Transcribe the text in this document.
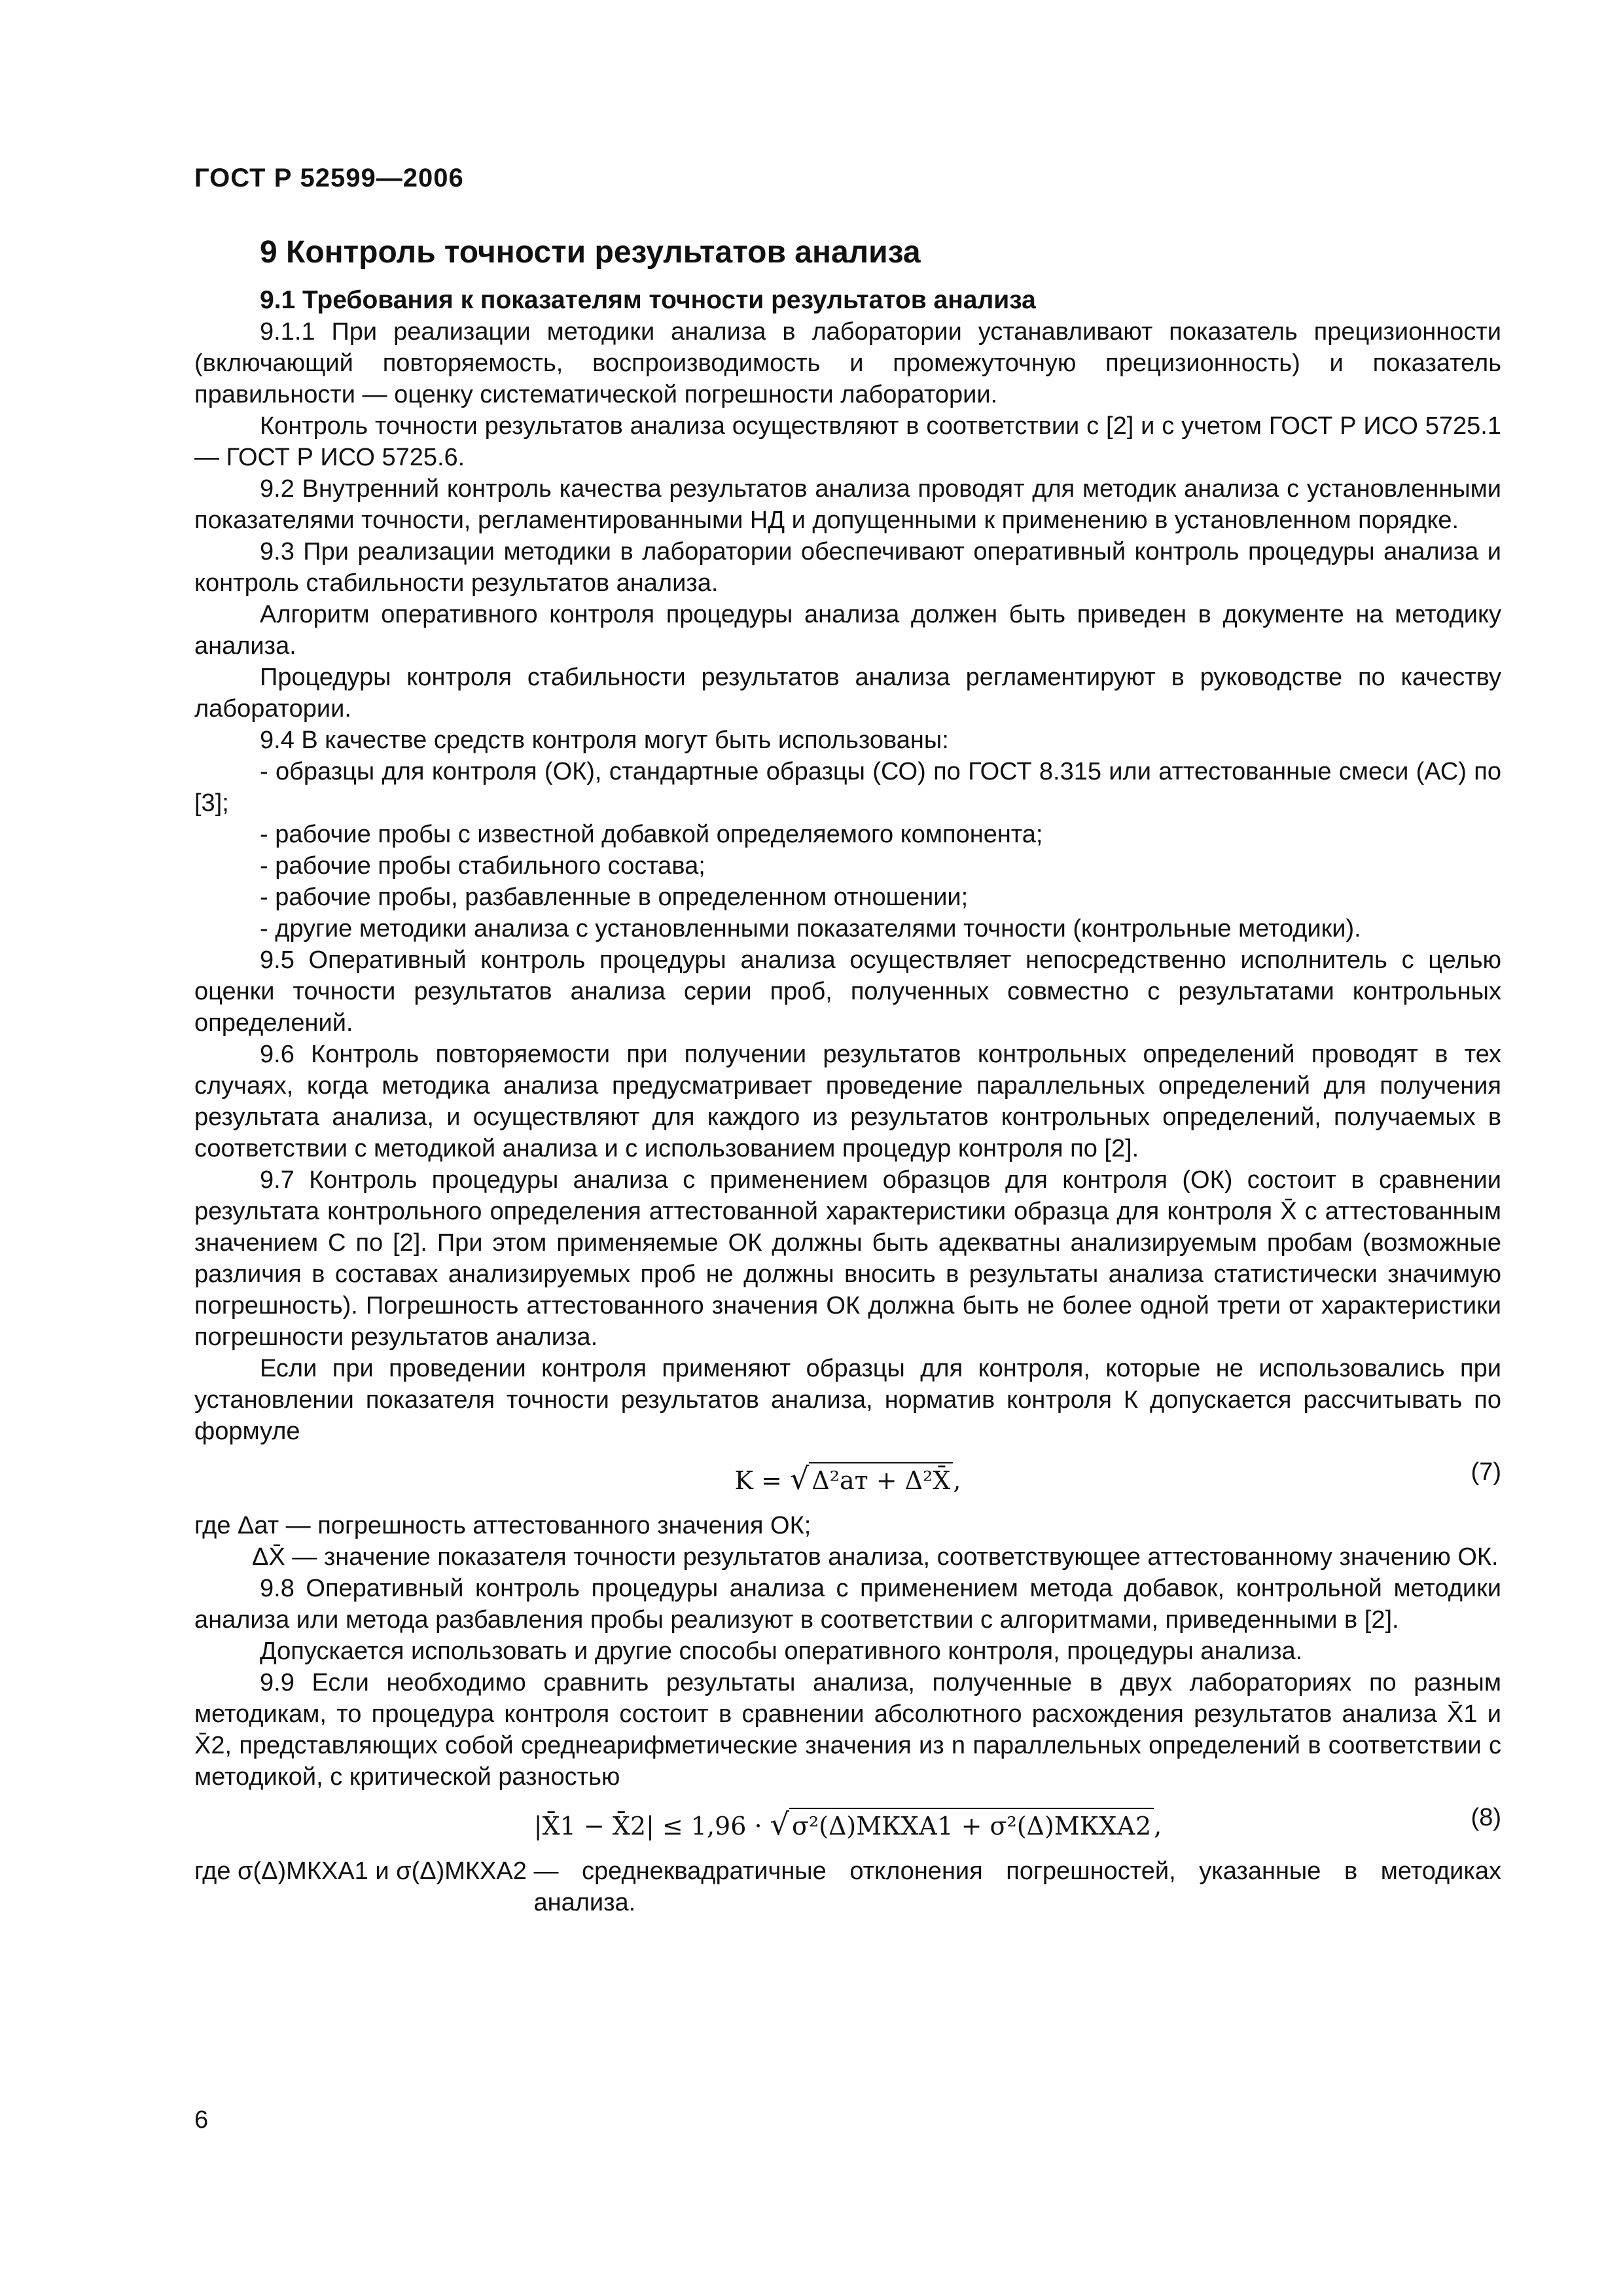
ГОСТ Р 52599—2006
9 Контроль точности результатов анализа
9.1 Требования к показателям точности результатов анализа

9.1.1 При реализации методики анализа в лаборатории устанавливают показатель прецизионности (включающий повторяемость, воспроизводимость и промежуточную прецизионность) и показатель правильности — оценку систематической погрешности лаборатории.

Контроль точности результатов анализа осуществляют в соответствии с [2] и с учетом ГОСТ Р ИСО 5725.1 — ГОСТ Р ИСО 5725.6.

9.2 Внутренний контроль качества результатов анализа проводят для методик анализа с установленными показателями точности, регламентированными НД и допущенными к применению в установленном порядке.

9.3 При реализации методики в лаборатории обеспечивают оперативный контроль процедуры анализа и контроль стабильности результатов анализа.

Алгоритм оперативного контроля процедуры анализа должен быть приведен в документе на методику анализа.

Процедуры контроля стабильности результатов анализа регламентируют в руководстве по качеству лаборатории.

9.4 В качестве средств контроля могут быть использованы:

- образцы для контроля (ОК), стандартные образцы (СО) по ГОСТ 8.315 или аттестованные смеси (АС) по [3];
- рабочие пробы с известной добавкой определяемого компонента;
- рабочие пробы стабильного состава;
- рабочие пробы, разбавленные в определенном отношении;
- другие методики анализа с установленными показателями точности (контрольные методики).

9.5 Оперативный контроль процедуры анализа осуществляет непосредственно исполнитель с целью оценки точности результатов анализа серии проб, полученных совместно с результатами контрольных определений.

9.6 Контроль повторяемости при получении результатов контрольных определений проводят в тех случаях, когда методика анализа предусматривает проведение параллельных определений для получения результата анализа, и осуществляют для каждого из результатов контрольных определений, получаемых в соответствии с методикой анализа и с использованием процедур контроля по [2].

9.7 Контроль процедуры анализа с применением образцов для контроля (ОК) состоит в сравнении результата контрольного определения аттестованной характеристики образца для контроля X̄ с аттестованным значением С по [2]. При этом применяемые ОК должны быть адекватны анализируемым пробам (возможные различия в составах анализируемых проб не должны вносить в результаты анализа статистически значимую погрешность). Погрешность аттестованного значения ОК должна быть не более одной трети от характеристики погрешности результатов анализа.

Если при проведении контроля применяют образцы для контроля, которые не использовались при установлении показателя точности результатов анализа, норматив контроля К допускается рассчитывать по формуле

K = √ Δ²ат + Δ²X̄ ,	(7)
где Δат
— погрешность аттестованного значения ОК;
ΔX̄
— значение показателя точности результатов анализа, соответствующее аттестованному значению ОК.

9.8 Оперативный контроль процедуры анализа с применением метода добавок, контрольной методики анализа или метода разбавления пробы реализуют в соответствии с алгоритмами, приведенными в [2].

Допускается использовать и другие способы оперативного контроля, процедуры анализа.

9.9 Если необходимо сравнить результаты анализа, полученные в двух лабораториях по разным методикам, то процедура контроля состоит в сравнении абсолютного расхождения результатов анализа X̄1 и X̄2, представляющих собой среднеарифметические значения из n параллельных определений в соответствии с методикой, с критической разностью

|X̄1 − X̄2| ≤ 1,96 · √ σ²(Δ)МКХА1 + σ²(Δ)МКХА2 ,	(8)
где σ(Δ)МКХА1 и σ(Δ)МКХА2
— среднеквадратичные отклонения погрешностей, указанные в методиках анализа.
6
